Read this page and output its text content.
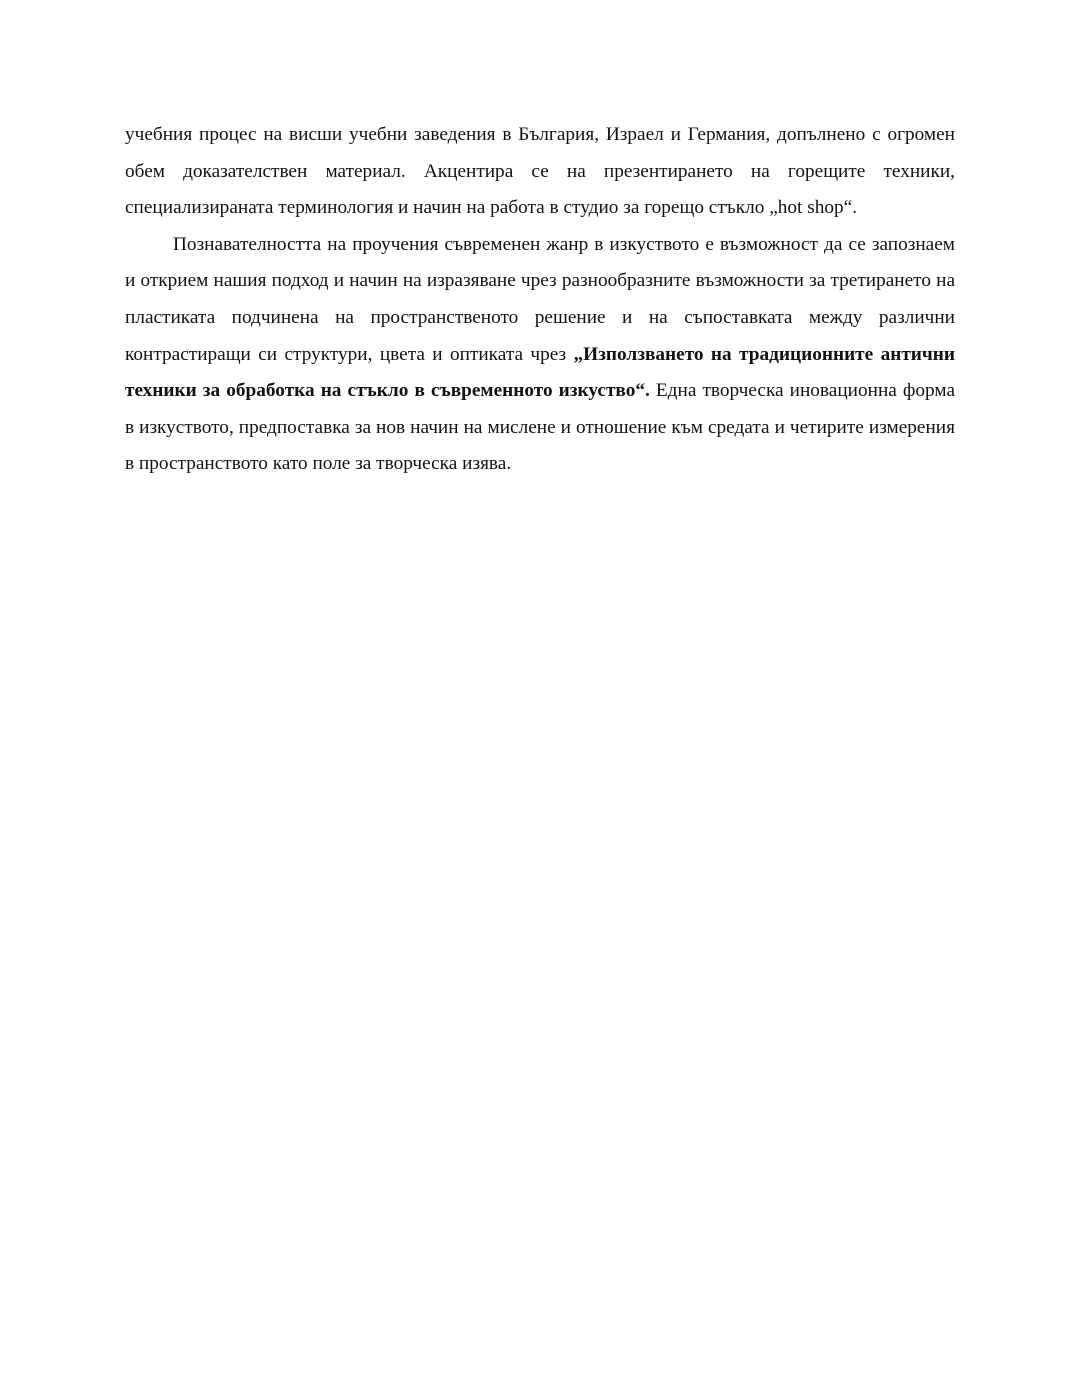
учебния процес на висши учебни заведения в България, Израел и Германия, допълнено с огромен обем доказателствен материал. Акцентира се на презентирането на горещите техники, специализираната терминология и начин на работа в студио за горещо стъкло „hot shop“.

Познавателността на проучения съвременен жанр в изкуството е възможност да се запознаем и открием нашия подход и начин на изразяване чрез разнообразните възможности за третирането на пластиката подчинена на пространственото решение и на съпоставката между различни контрастиращи си структури, цвета и оптиката чрез „Използването на традиционните антични техники за обработка на стъкло в съвременното изкуство“. Една творческа иновационна форма в изкуството, предпоставка за нов начин на мислене и отношение към средата и четирите измерения в пространството като поле за творческа изява.
